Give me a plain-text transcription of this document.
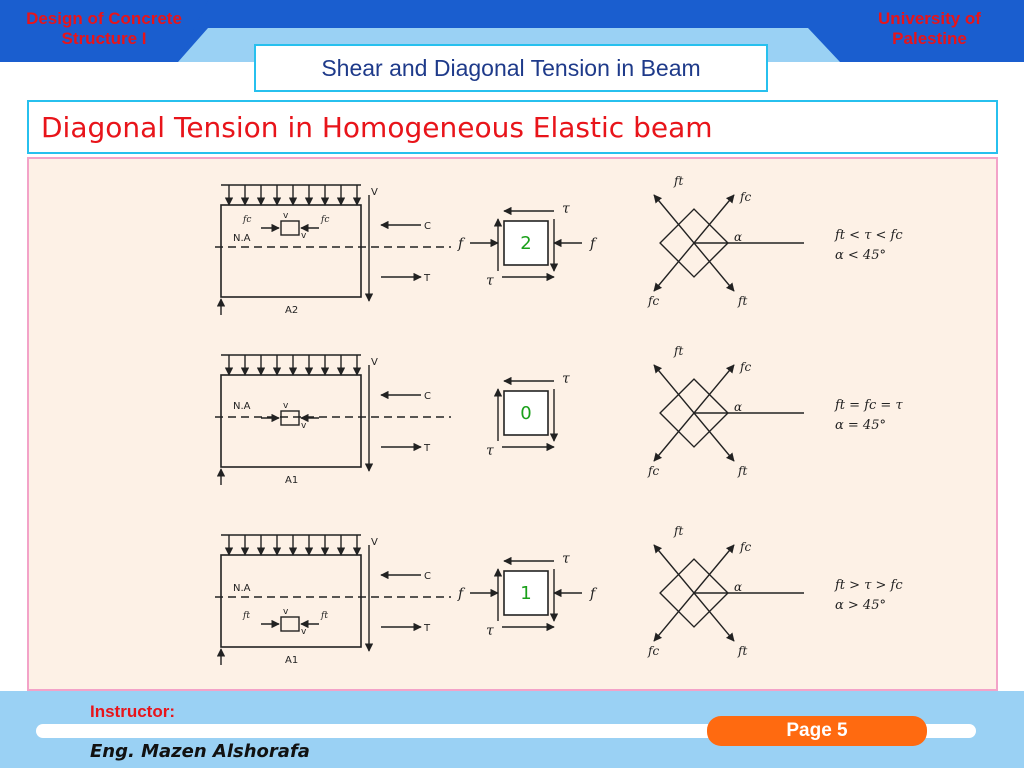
Design of Concrete
Structure I
University of
Palestine
Shear and Diagonal Tension in Beam
Diagonal Tension in Homogeneous Elastic beam
N.A
v
v
fc	fc
A2
V
C
T
2
τ
τ
f	f	α
ft
ft
fc
fc
ft < τ < fc
α < 45°
N.A	v
v
A1
V
C
T
0
τ
τ
α
ft
ft
fc
fc
ft = fc = τ
α = 45°
N.A
v
v
ft	ft
A1
V
C
T
1
τ
τ
f	f	α
ft
ft
fc
fc
ft > τ > fc
α > 45°
Instructor:
Eng. Mazen Alshorafa
Page 5
